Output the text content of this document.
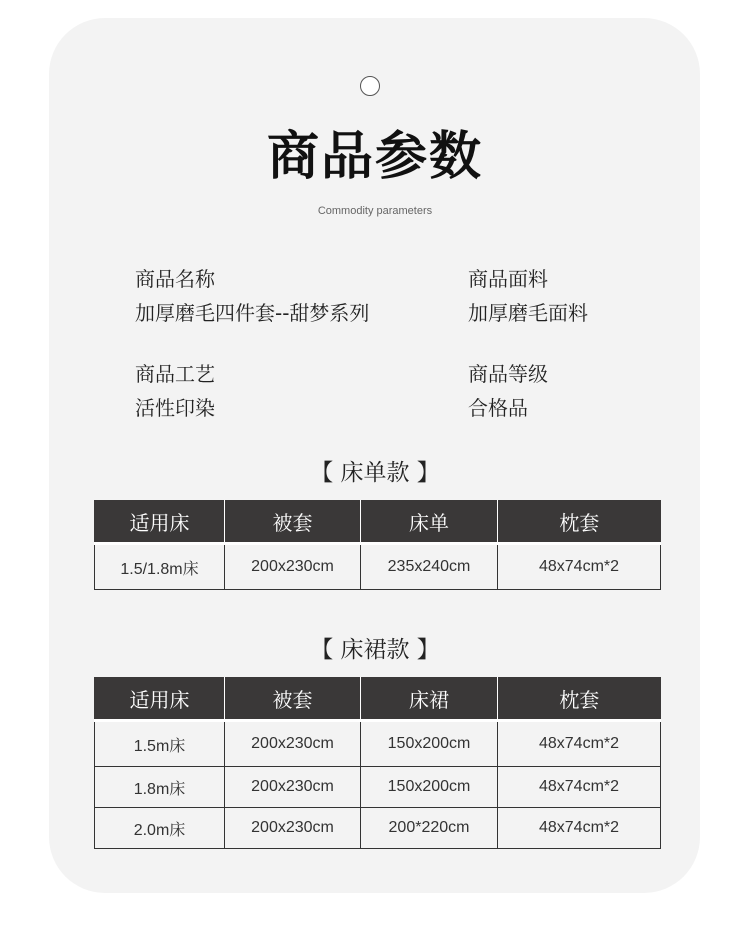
商品参数
Commodity parameters
商品名称
加厚磨毛四件套--甜梦系列
商品面料
加厚磨毛面料
商品工艺
活性印染
商品等级
合格品
【 床单款 】
适用床	被套	床单	枕套
1.5/1.8m床	200x230cm	235x240cm	48x74cm*2
【 床裙款 】
适用床	被套	床裙	枕套
1.5m床	200x230cm	150x200cm	48x74cm*2
1.8m床	200x230cm	150x200cm	48x74cm*2
2.0m床	200x230cm	200*220cm	48x74cm*2
